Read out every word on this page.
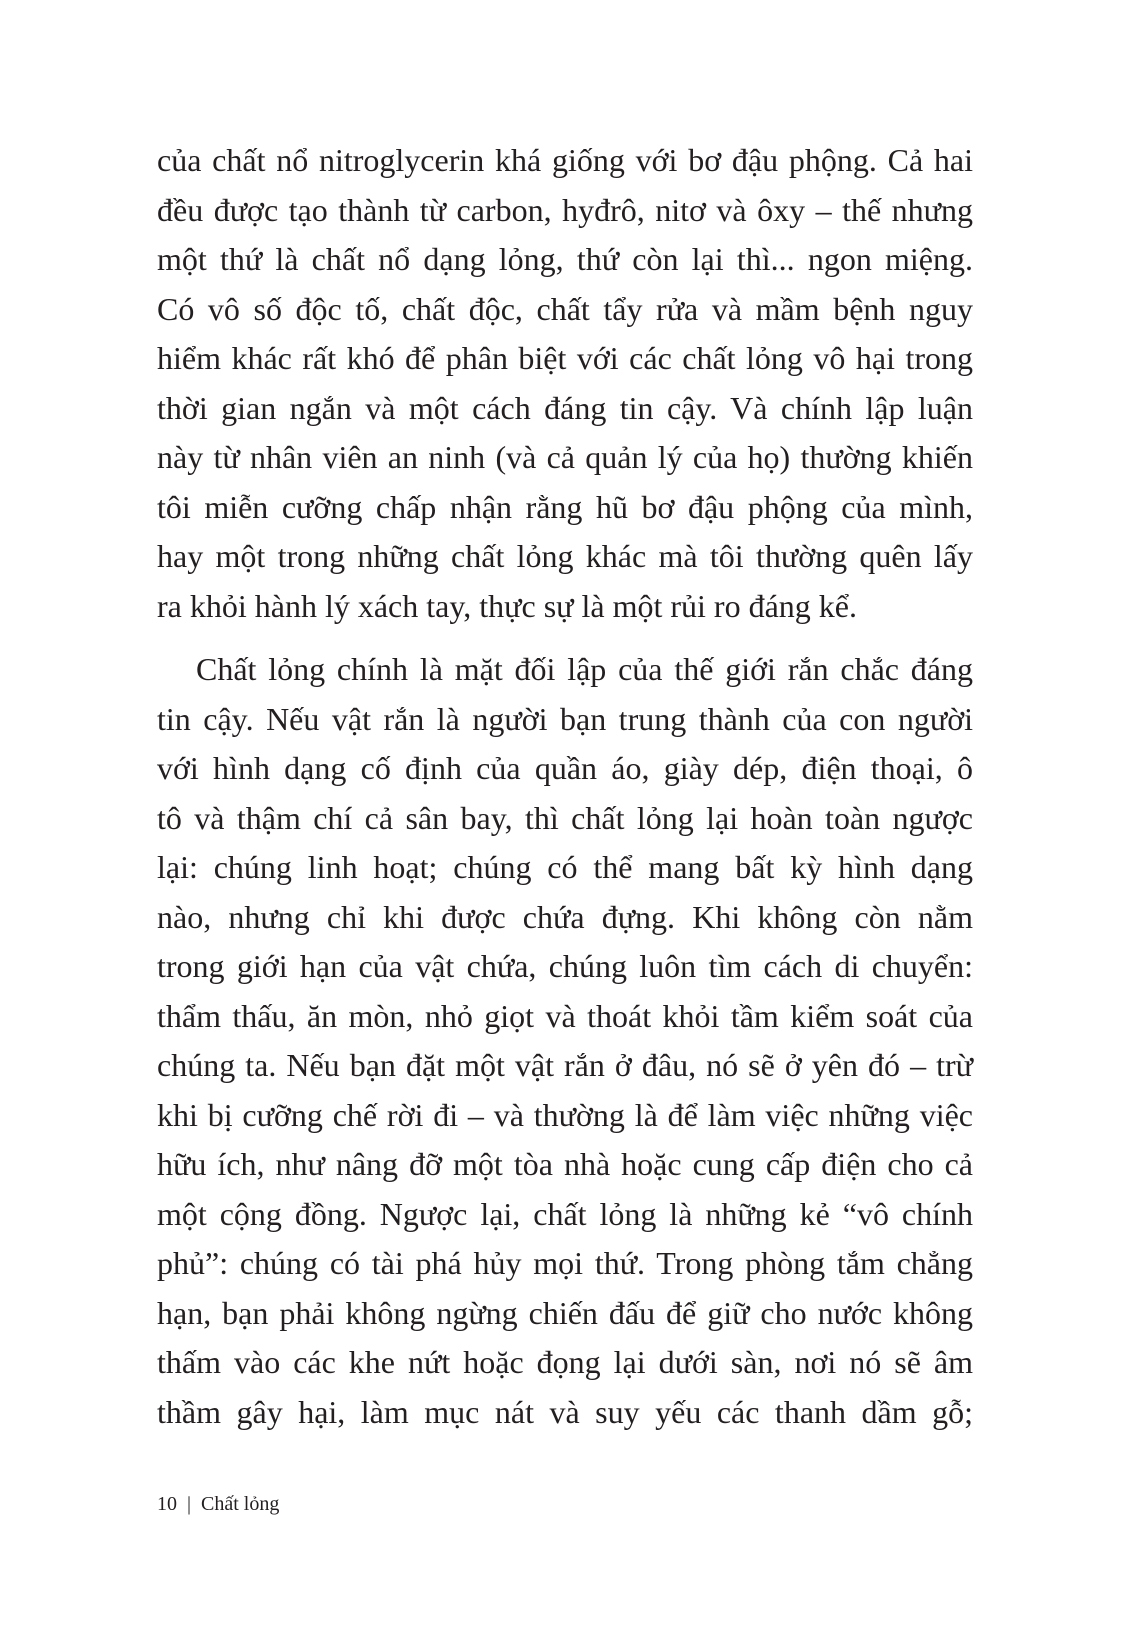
của chất nổ nitroglycerin khá giống với bơ đậu phộng. Cả hai
đều được tạo thành từ carbon, hyđrô, nitơ và ôxy – thế nhưng
một thứ là chất nổ dạng lỏng, thứ còn lại thì... ngon miệng.
Có vô số độc tố, chất độc, chất tẩy rửa và mầm bệnh nguy
hiểm khác rất khó để phân biệt với các chất lỏng vô hại trong
thời gian ngắn và một cách đáng tin cậy. Và chính lập luận
này từ nhân viên an ninh (và cả quản lý của họ) thường khiến
tôi miễn cưỡng chấp nhận rằng hũ bơ đậu phộng của mình,
hay một trong những chất lỏng khác mà tôi thường quên lấy
ra khỏi hành lý xách tay, thực sự là một rủi ro đáng kể.
Chất lỏng chính là mặt đối lập của thế giới rắn chắc đáng
tin cậy. Nếu vật rắn là người bạn trung thành của con người
với hình dạng cố định của quần áo, giày dép, điện thoại, ô
tô và thậm chí cả sân bay, thì chất lỏng lại hoàn toàn ngược
lại: chúng linh hoạt; chúng có thể mang bất kỳ hình dạng
nào, nhưng chỉ khi được chứa đựng. Khi không còn nằm
trong giới hạn của vật chứa, chúng luôn tìm cách di chuyển:
thẩm thấu, ăn mòn, nhỏ giọt và thoát khỏi tầm kiểm soát của
chúng ta. Nếu bạn đặt một vật rắn ở đâu, nó sẽ ở yên đó – trừ
khi bị cưỡng chế rời đi – và thường là để làm việc những việc
hữu ích, như nâng đỡ một tòa nhà hoặc cung cấp điện cho cả
một cộng đồng. Ngược lại, chất lỏng là những kẻ “vô chính
phủ”: chúng có tài phá hủy mọi thứ. Trong phòng tắm chẳng
hạn, bạn phải không ngừng chiến đấu để giữ cho nước không
thấm vào các khe nứt hoặc đọng lại dưới sàn, nơi nó sẽ âm
thầm gây hại, làm mục nát và suy yếu các thanh dầm gỗ;
10 | Chất lỏng
